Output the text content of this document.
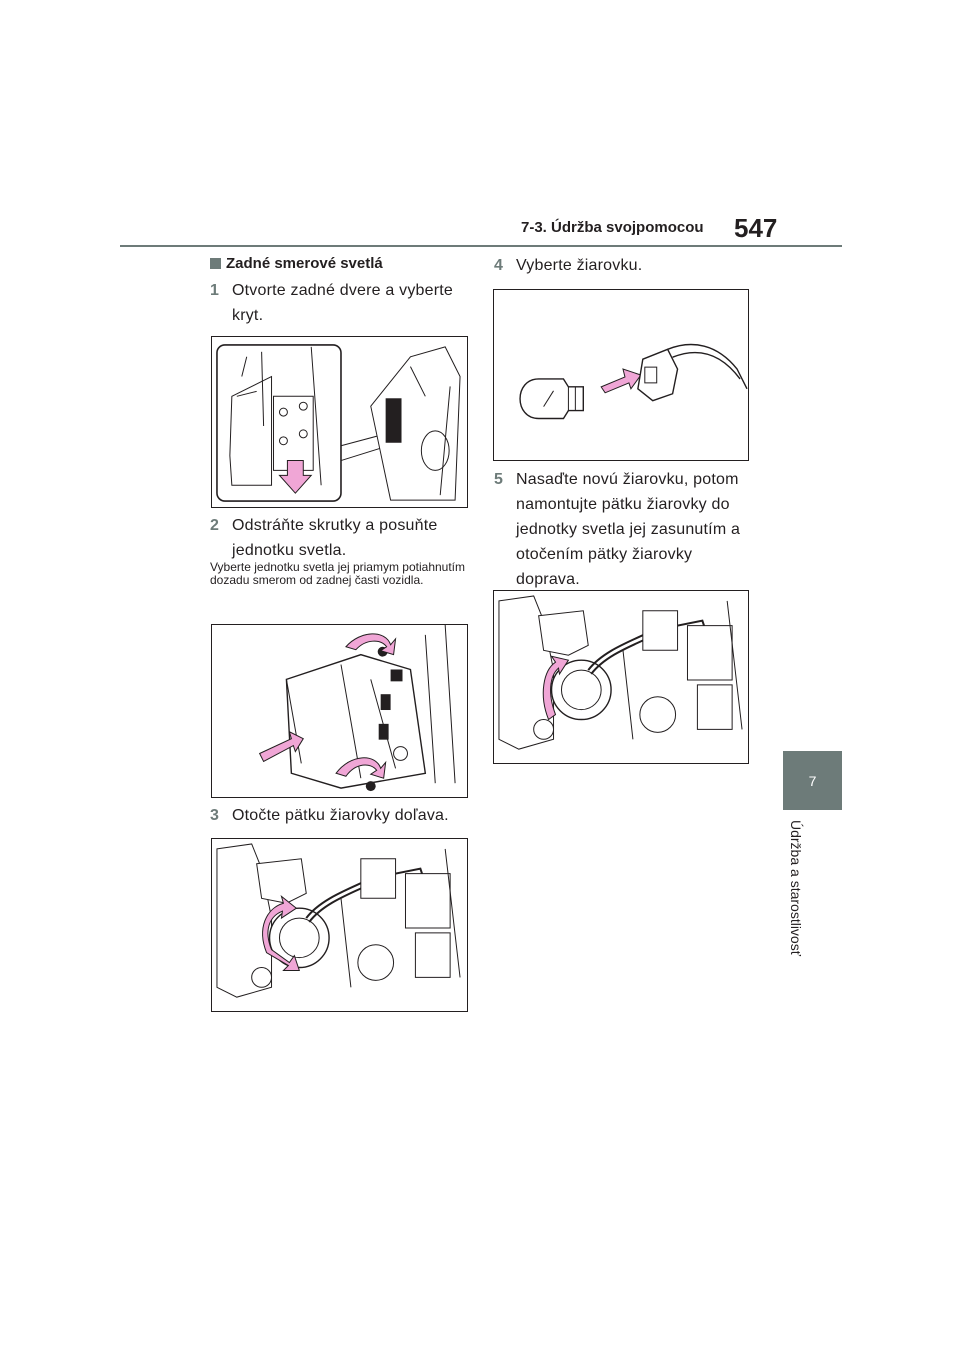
7-3. Údržba svojpomocou 547
7
Údržba a starostlivosť
Zadné smerové svetlá
1 Otvorte zadné dvere a vyberte kryt.
2 Odstráňte skrutky a posuňte jednotku svetla.
Vyberte jednotku svetla jej priamym potiahnutím dozadu smerom od zadnej časti vozidla.
3 Otočte pätku žiarovky doľava.
4 Vyberte žiarovku.
5 Nasaďte novú žiarovku, potom namontujte pätku žiarovky do jednotky svetla jej zasunutím a otočením pätky žiarovky doprava.
